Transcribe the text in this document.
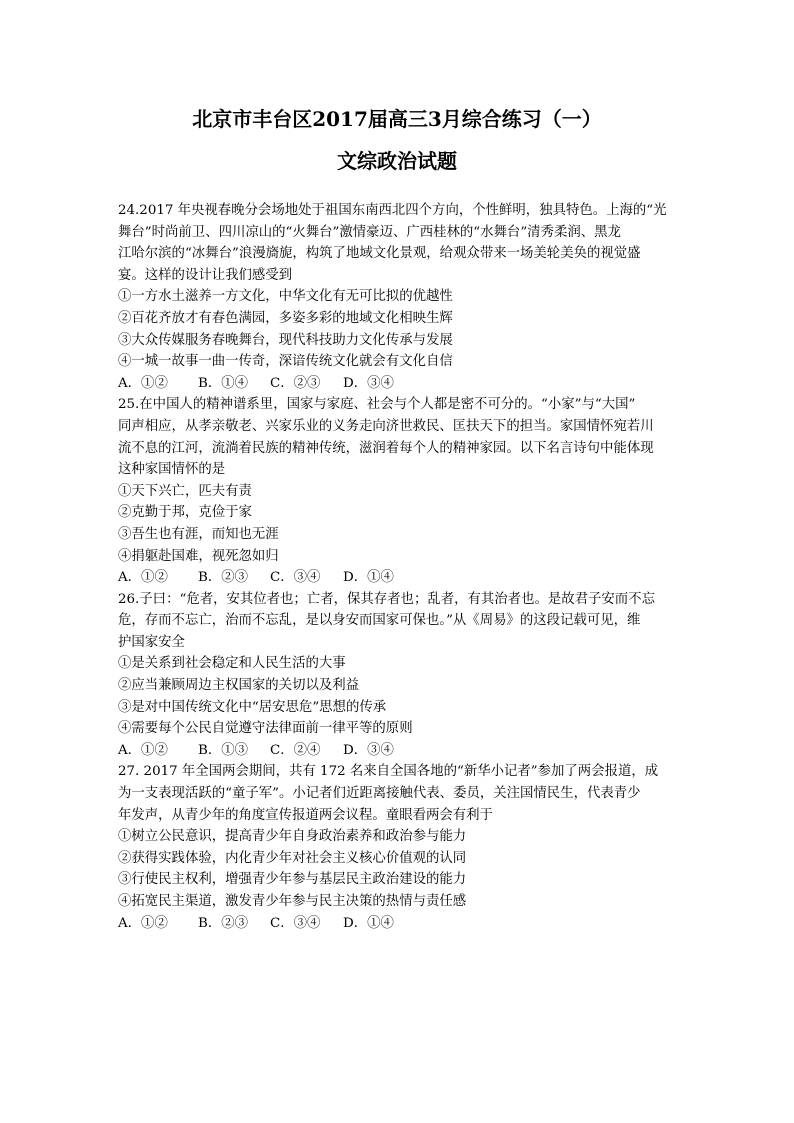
北京市丰台区2017届高三3月综合练习（一）
文综政治试题
24.2017 年央视春晚分会场地处于祖国东南西北四个方向，个性鲜明，独具特色。上海的“光
舞台”时尚前卫、四川凉山的“火舞台”激情豪迈、广西桂林的“水舞台”清秀柔润、黑龙
江哈尔滨的“冰舞台”浪漫旖旎，构筑了地域文化景观，给观众带来一场美轮美奂的视觉盛
宴。这样的设计让我们感受到
①一方水土滋养一方文化，中华文化有无可比拟的优越性
②百花齐放才有春色满园，多姿多彩的地域文化相映生辉
③大众传媒服务春晚舞台，现代科技助力文化传承与发展
④一城一故事一曲一传奇，深谙传统文化就会有文化自信
A．①②	B．①④	C．②③	D．③④
25.在中国人的精神谱系里，国家与家庭、社会与个人都是密不可分的。“小家”与“大国”
同声相应，从孝亲敬老、兴家乐业的义务走向济世救民、匡扶天下的担当。家国情怀宛若川
流不息的江河，流淌着民族的精神传统，滋润着每个人的精神家园。以下名言诗句中能体现
这种家国情怀的是
①天下兴亡，匹夫有责
②克勤于邦，克俭于家
③吾生也有涯，而知也无涯
④捐躯赴国难，视死忽如归
A．①②	B．②③	C．③④	D．①④
26.子曰：“危者，安其位者也；亡者，保其存者也；乱者，有其治者也。是故君子安而不忘
危，存而不忘亡，治而不忘乱，是以身安而国家可保也。”从《周易》的这段记载可见，维
护国家安全
①是关系到社会稳定和人民生活的大事
②应当兼顾周边主权国家的关切以及利益
③是对中国传统文化中“居安思危”思想的传承
④需要每个公民自觉遵守法律面前一律平等的原则
A．①②	B．①③	C．②④	D．③④
27. 2017 年全国两会期间，共有 172 名来自全国各地的“新华小记者”参加了两会报道，成
为一支表现活跃的“童子军”。小记者们近距离接触代表、委员，关注国情民生，代表青少
年发声，从青少年的角度宣传报道两会议程。童眼看两会有利于
①树立公民意识，提高青少年自身政治素养和政治参与能力
②获得实践体验，内化青少年对社会主义核心价值观的认同
③行使民主权利，增强青少年参与基层民主政治建设的能力
④拓宽民主渠道，激发青少年参与民主决策的热情与责任感
A．①②	B．②③	C．③④	D．①④
